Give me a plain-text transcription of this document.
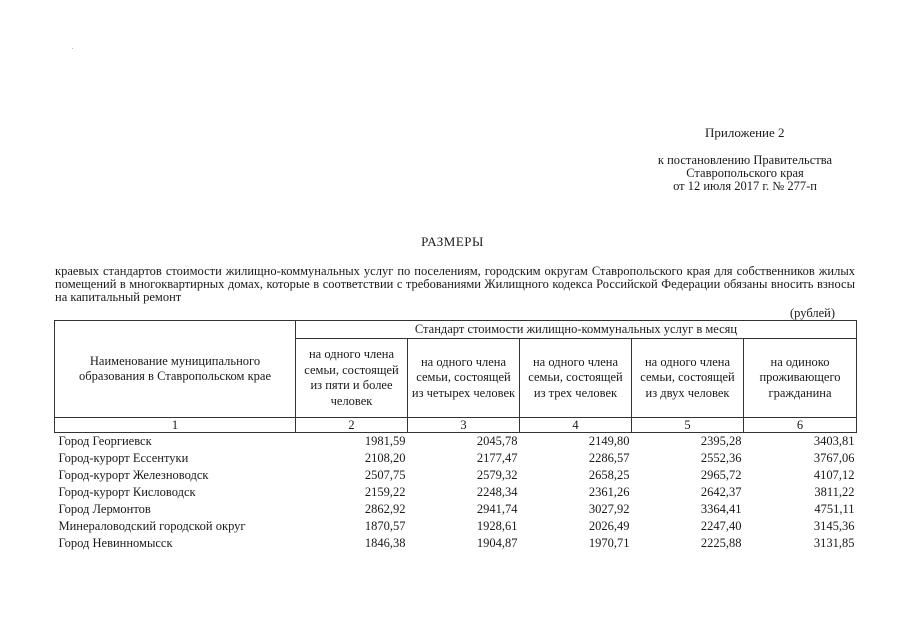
Приложение 2
к постановлению Правительства
Ставропольского края
от 12 июля 2017 г. № 277-п
РАЗМЕРЫ
краевых стандартов стоимости жилищно-коммунальных услуг по поселениям, городским округам Ставропольского края для собственников жилых помещений в многоквартирных домах, которые в соответствии с требованиями Жилищного кодекса Российской Федерации обязаны вносить взносы на капитальный ремонт
(рублей)
Наименование муниципального образования в Ставропольском крае	Стандарт стоимости жилищно-коммунальных услуг в месяц				
	на одного члена семьи, состоящей из пяти и более человек	на одного члена семьи, состоящей из четырех человек	на одного члена семьи, состоящей из трех человек	на одного члена семьи, состоящей из двух человек	на одиноко проживающего гражданина
1	2	3	4	5	6
Город Георгиевск	1981,59	2045,78	2149,80	2395,28	3403,81
Город-курорт Ессентуки	2108,20	2177,47	2286,57	2552,36	3767,06
Город-курорт Железноводск	2507,75	2579,32	2658,25	2965,72	4107,12
Город-курорт Кисловодск	2159,22	2248,34	2361,26	2642,37	3811,22
Город Лермонтов	2862,92	2941,74	3027,92	3364,41	4751,11
Минераловодский городской округ	1870,57	1928,61	2026,49	2247,40	3145,36
Город Невинномысск	1846,38	1904,87	1970,71	2225,88	3131,85
